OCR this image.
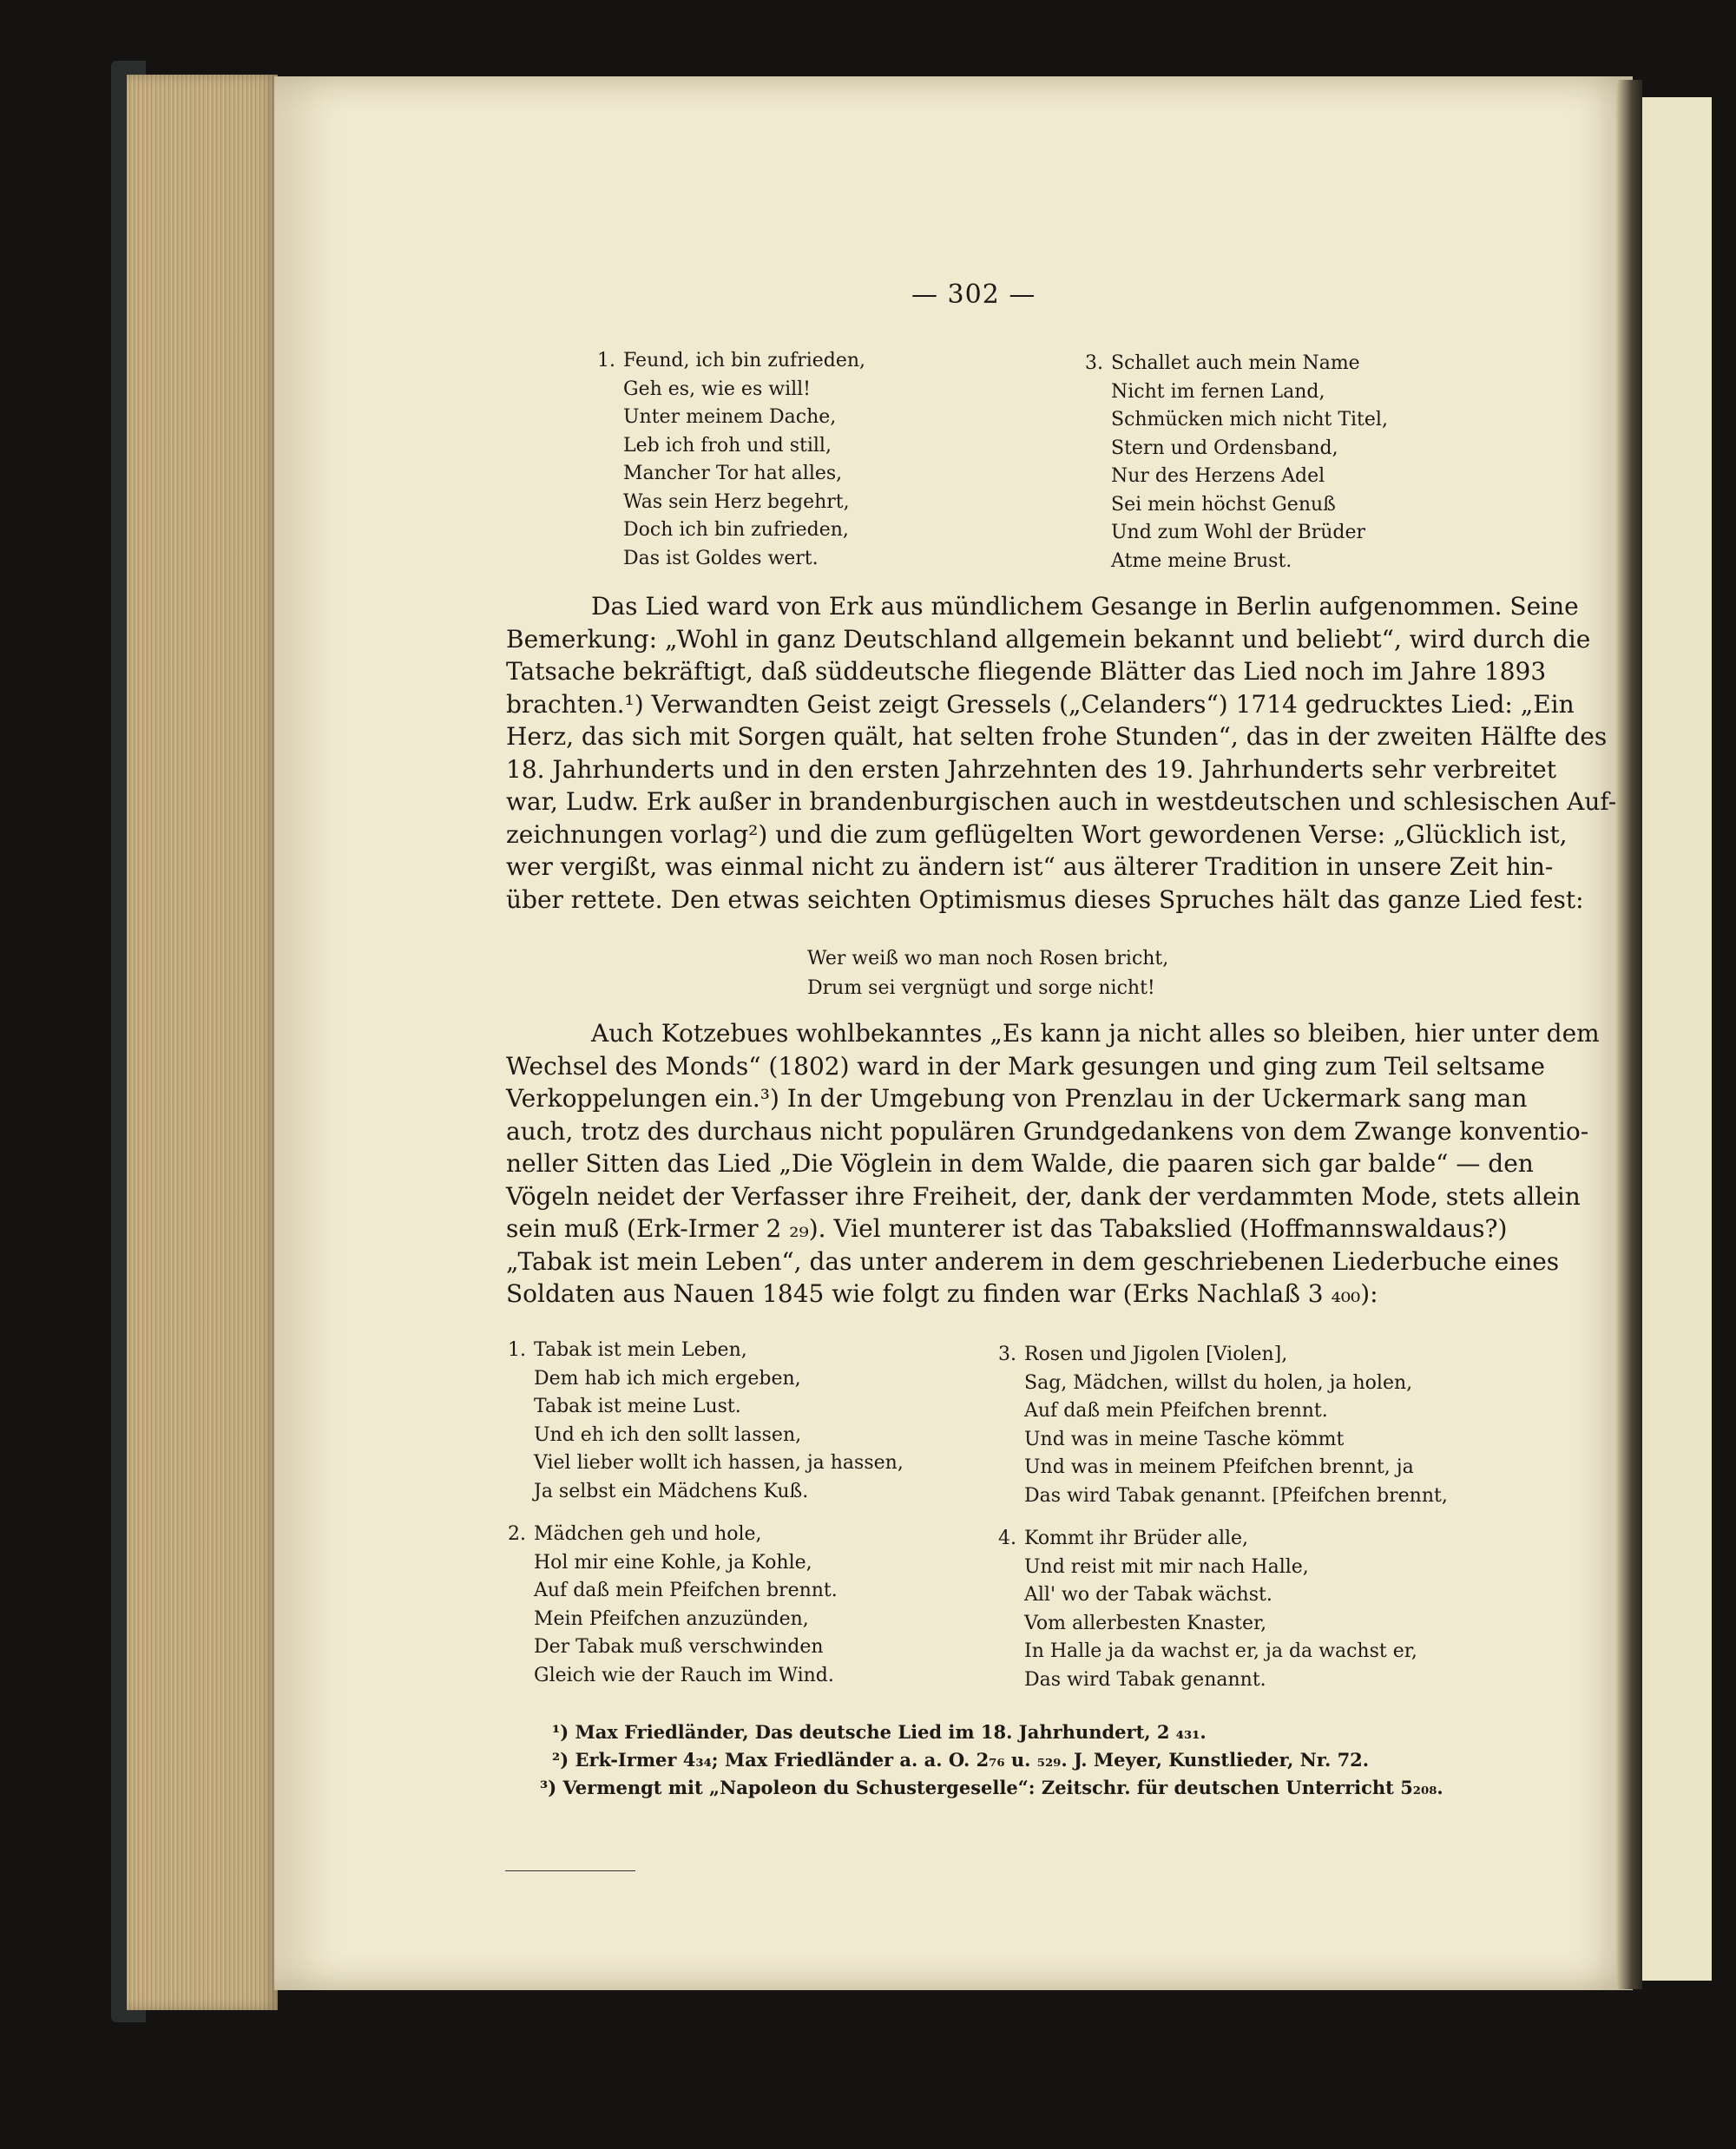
— 302 —
1. Feund, ich bin zufrieden,
Geh es, wie es will!
Unter meinem Dache,
Leb ich froh und still,
Mancher Tor hat alles,
Was sein Herz begehrt,
Doch ich bin zufrieden,
Das ist Goldes wert.
3. Schallet auch mein Name
Nicht im fernen Land,
Schmücken mich nicht Titel,
Stern und Ordensband,
Nur des Herzens Adel
Sei mein höchst Genuß
Und zum Wohl der Brüder
Atme meine Brust.
Das Lied ward von Erk aus mündlichem Gesange in Berlin aufgenommen. Seine
Bemerkung: „Wohl in ganz Deutschland allgemein bekannt und beliebt“, wird durch die
Tatsache bekräftigt, daß süddeutsche fliegende Blätter das Lied noch im Jahre 1893
brachten.¹) Verwandten Geist zeigt Gressels („Celanders“) 1714 gedrucktes Lied: „Ein
Herz, das sich mit Sorgen quält, hat selten frohe Stunden“, das in der zweiten Hälfte des
18. Jahrhunderts und in den ersten Jahrzehnten des 19. Jahrhunderts sehr verbreitet
war, Ludw. Erk außer in brandenburgischen auch in westdeutschen und schlesischen Auf-
zeichnungen vorlag²) und die zum geflügelten Wort gewordenen Verse: „Glücklich ist,
wer vergißt, was einmal nicht zu ändern ist“ aus älterer Tradition in unsere Zeit hin-
über rettete. Den etwas seichten Optimismus dieses Spruches hält das ganze Lied fest:
Wer weiß wo man noch Rosen bricht,
Drum sei vergnügt und sorge nicht!
Auch Kotzebues wohlbekanntes „Es kann ja nicht alles so bleiben, hier unter dem
Wechsel des Monds“ (1802) ward in der Mark gesungen und ging zum Teil seltsame
Verkoppelungen ein.³) In der Umgebung von Prenzlau in der Uckermark sang man
auch, trotz des durchaus nicht populären Grundgedankens von dem Zwange konventio-
neller Sitten das Lied „Die Vöglein in dem Walde, die paaren sich gar balde“ — den
Vögeln neidet der Verfasser ihre Freiheit, der, dank der verdammten Mode, stets allein
sein muß (Erk-Irmer 2 ₂₉). Viel munterer ist das Tabakslied (Hoffmannswaldaus?)
„Tabak ist mein Leben“, das unter anderem in dem geschriebenen Liederbuche eines
Soldaten aus Nauen 1845 wie folgt zu finden war (Erks Nachlaß 3 ₄₀₀):
1. Tabak ist mein Leben,
Dem hab ich mich ergeben,
Tabak ist meine Lust.
Und eh ich den sollt lassen,
Viel lieber wollt ich hassen, ja hassen,
Ja selbst ein Mädchens Kuß.
2. Mädchen geh und hole,
Hol mir eine Kohle, ja Kohle,
Auf daß mein Pfeifchen brennt.
Mein Pfeifchen anzuzünden,
Der Tabak muß verschwinden
Gleich wie der Rauch im Wind.
3. Rosen und Jigolen [Violen],
Sag, Mädchen, willst du holen, ja holen,
Auf daß mein Pfeifchen brennt.
Und was in meine Tasche kömmt
Und was in meinem Pfeifchen brennt, ja
Das wird Tabak genannt. [Pfeifchen brennt,
4. Kommt ihr Brüder alle,
Und reist mit mir nach Halle,
All' wo der Tabak wächst.
Vom allerbesten Knaster,
In Halle ja da wachst er, ja da wachst er,
Das wird Tabak genannt.
¹) Max Friedländer, Das deutsche Lied im 18. Jahrhundert, 2 ₄₃₁.
²) Erk-Irmer 4₃₄; Max Friedländer a. a. O. 2₇₆ u. ₅₂₉. J. Meyer, Kunstlieder, Nr. 72.
³) Vermengt mit „Napoleon du Schustergeselle“: Zeitschr. für deutschen Unterricht 5₂₀₈.
